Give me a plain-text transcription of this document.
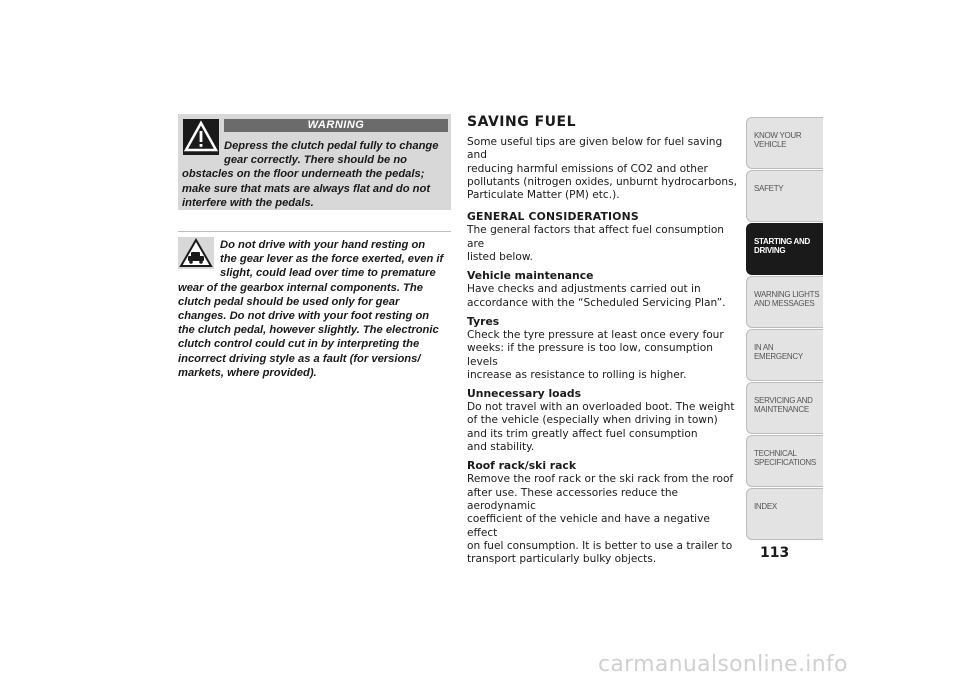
WARNING
Depress the clutch pedal fully to change
gear correctly. There should be no
obstacles on the floor underneath the pedals;
make sure that mats are always flat and do not
interfere with the pedals.
Do not drive with your hand resting on
the gear lever as the force exerted, even if
slight, could lead over time to premature
wear of the gearbox internal components. The
clutch pedal should be used only for gear
changes. Do not drive with your foot resting on
the clutch pedal, however slightly. The electronic
clutch control could cut in by interpreting the
incorrect driving style as a fault (for versions/
markets, where provided).
SAVING FUEL

Some useful tips are given below for fuel saving and
reducing harmful emissions of CO2 and other
pollutants (nitrogen oxides, unburnt hydrocarbons,
Particulate Matter (PM) etc.).

GENERAL CONSIDERATIONS

The general factors that affect fuel consumption are
listed below.

Vehicle maintenance

Have checks and adjustments carried out in
accordance with the “Scheduled Servicing Plan”.

Tyres

Check the tyre pressure at least once every four
weeks: if the pressure is too low, consumption levels
increase as resistance to rolling is higher.

Unnecessary loads

Do not travel with an overloaded boot. The weight
of the vehicle (especially when driving in town)
and its trim greatly affect fuel consumption
and stability.

Roof rack/ski rack

Remove the roof rack or the ski rack from the roof
after use. These accessories reduce the aerodynamic
coefficient of the vehicle and have a negative effect
on fuel consumption. It is better to use a trailer to
transport particularly bulky objects.

KNOW YOUR
VEHICLE
SAFETY
STARTING AND
DRIVING
WARNING LIGHTS
AND MESSAGES
IN AN EMERGENCY
SERVICING AND
MAINTENANCE
TECHNICAL
SPECIFICATIONS
INDEX
113
carmanualsonline.info
